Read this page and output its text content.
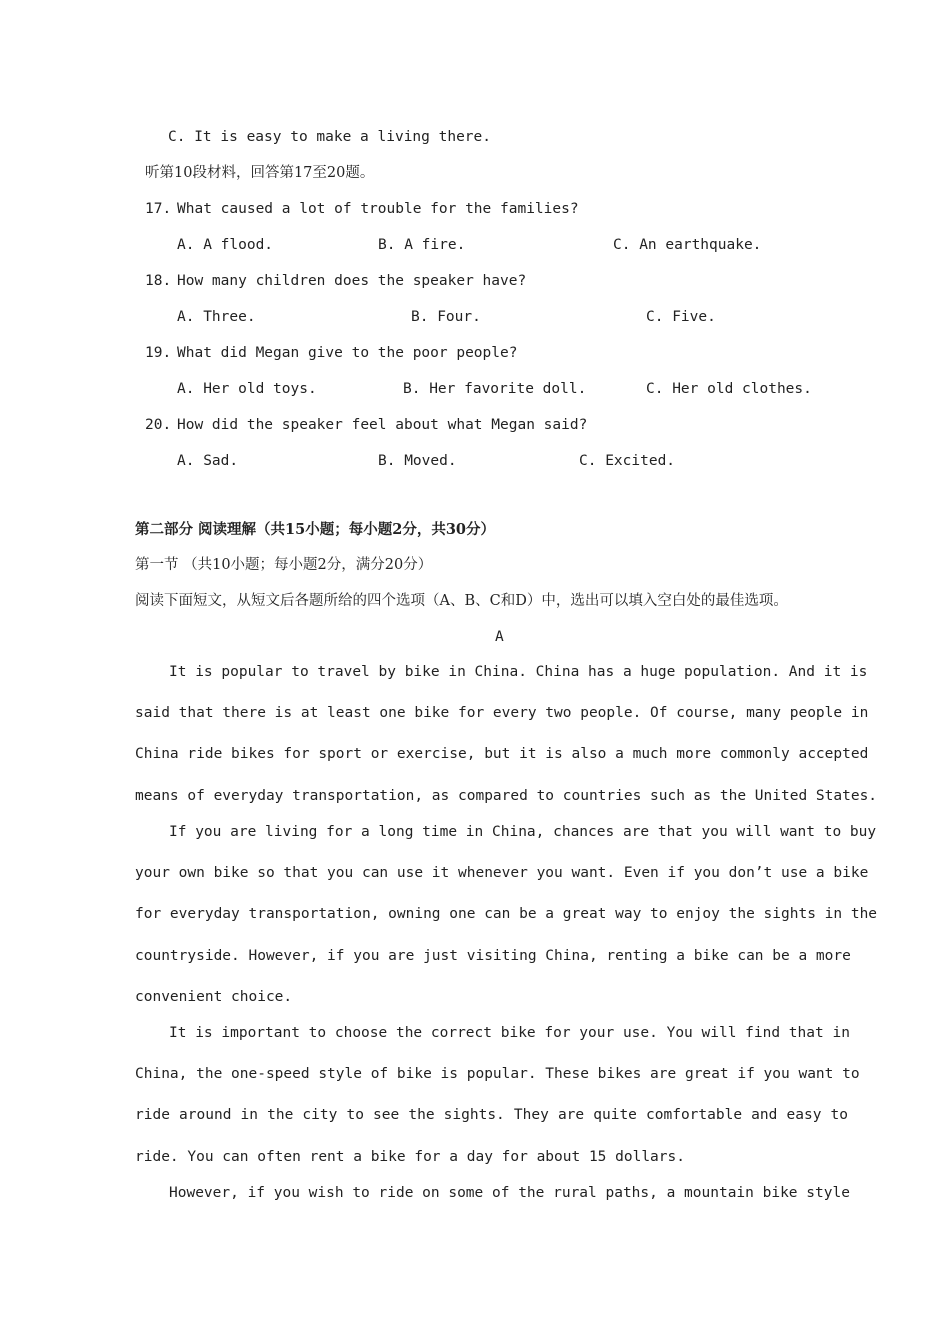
C. It is easy to make a living there.
听第10段材料，回答第17至20题。
17. What caused a lot of trouble for the families?
A. A flood.	B. A fire.	C. An earthquake.
18. How many children does the speaker have?
A. Three.	B. Four.	C. Five.
19. What did Megan give to the poor people?
A. Her old toys.	B. Her favorite doll.	C. Her old clothes.
20. How did the speaker feel about what Megan said?
A. Sad.	B. Moved.	C. Excited.
第二部分 阅读理解（共15小题；每小题2分，共30分）
第一节 （共10小题；每小题2分，满分20分）
阅读下面短文，从短文后各题所给的四个选项（A、B、C和D）中，选出可以填入空白处的最佳选项。
A
It is popular to travel by bike in China. China has a huge population. And it is
said that there is at least one bike for every two people. Of course, many people in
China ride bikes for sport or exercise, but it is also a much more commonly accepted
means of everyday transportation, as compared to countries such as the United States.
If you are living for a long time in China, chances are that you will want to buy
your own bike so that you can use it whenever you want. Even if you don’t use a bike
for everyday transportation, owning one can be a great way to enjoy the sights in the
countryside. However, if you are just visiting China, renting a bike can be a more
convenient choice.
It is important to choose the correct bike for your use. You will find that in
China, the one-speed style of bike is popular. These bikes are great if you want to
ride around in the city to see the sights. They are quite comfortable and easy to
ride. You can often rent a bike for a day for about 15 dollars.
However, if you wish to ride on some of the rural paths, a mountain bike style
